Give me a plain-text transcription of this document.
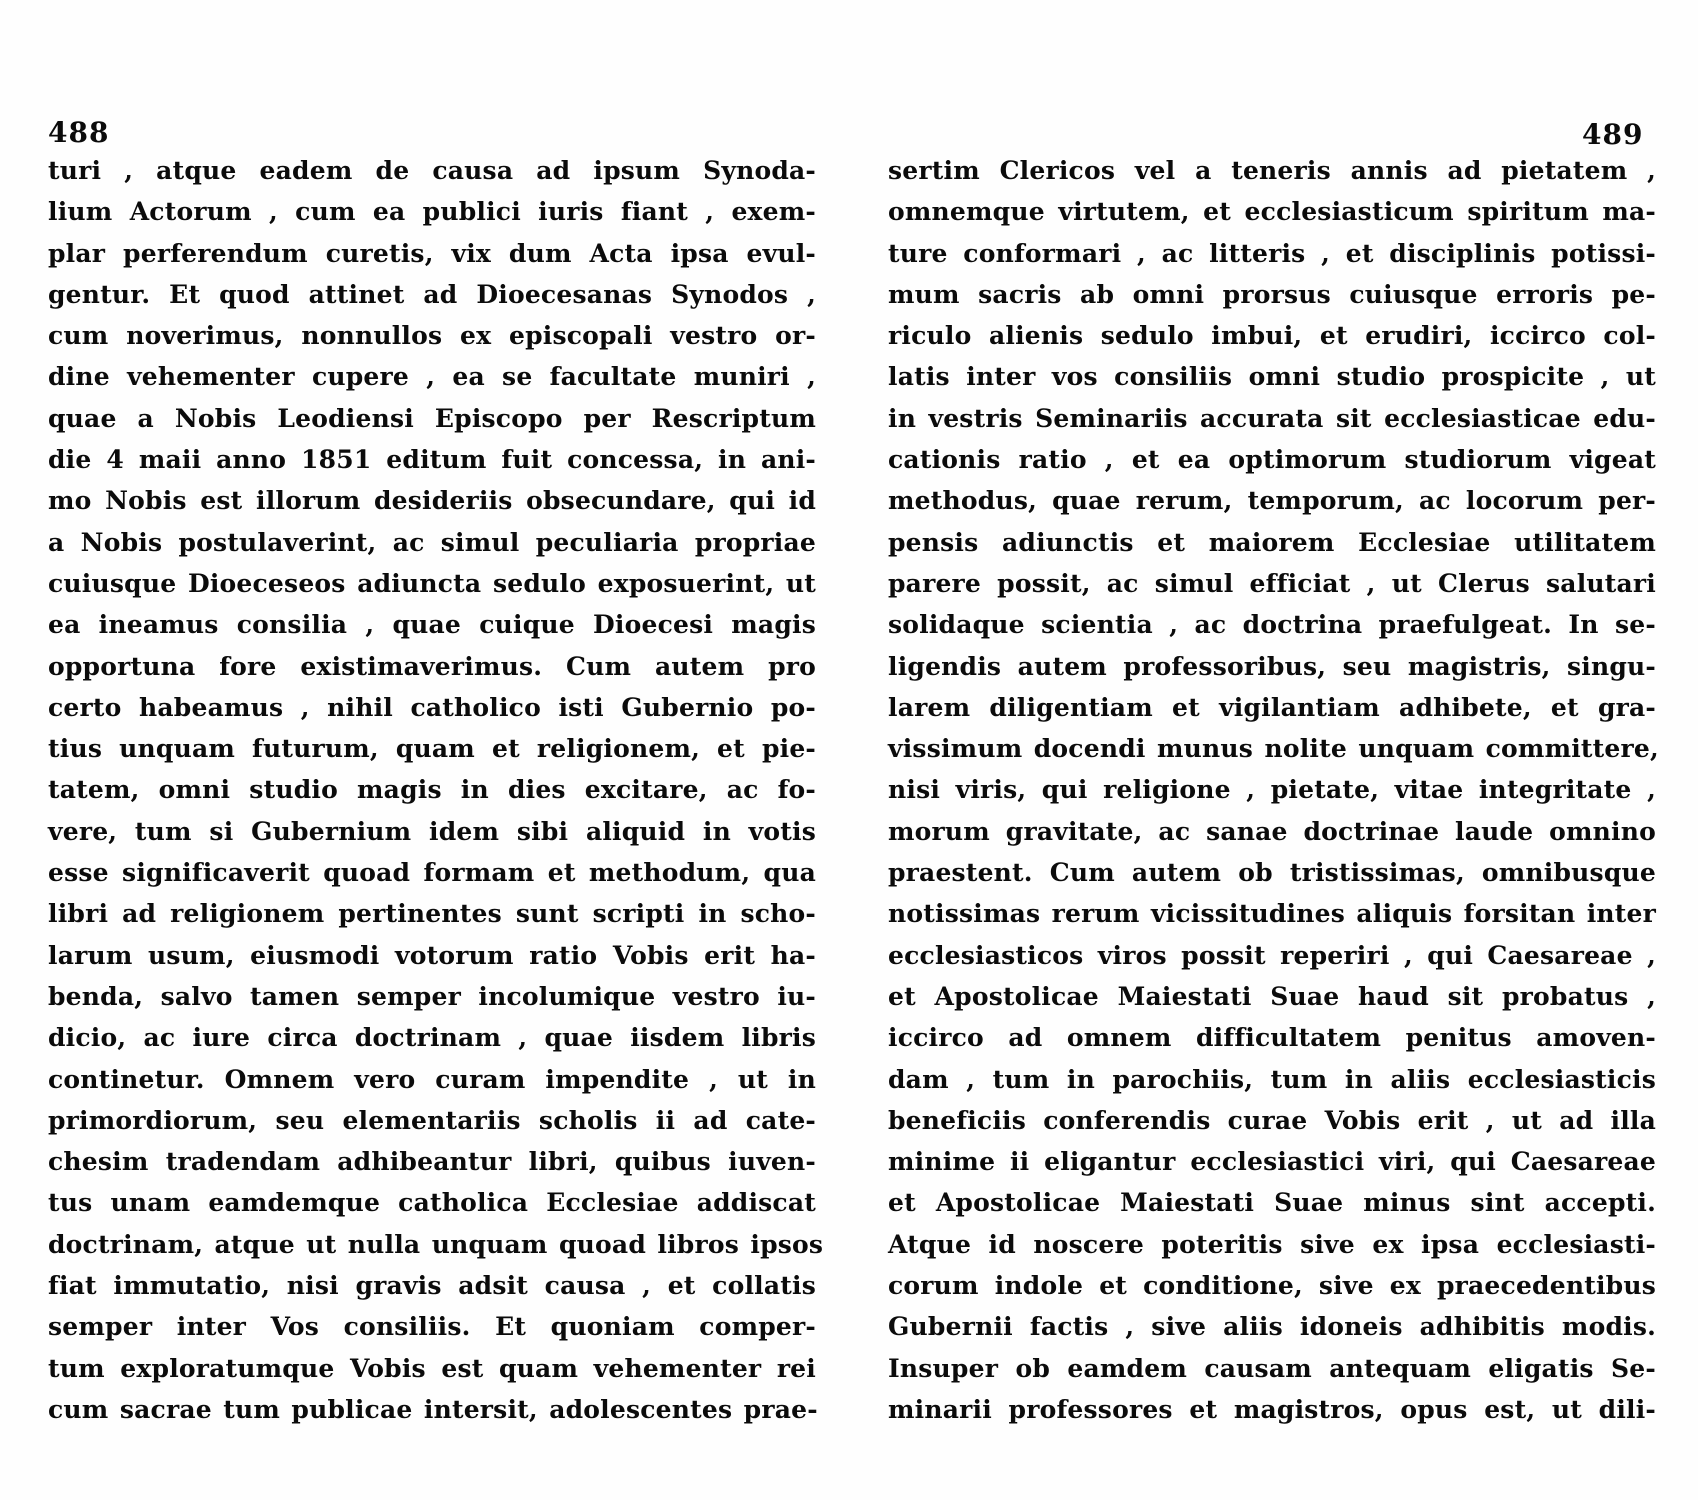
488	489
turi , atque eadem de causa ad ipsum Synoda-
lium Actorum , cum ea publici iuris fiant , exem-
plar perferendum curetis, vix dum Acta ipsa evul-
gentur. Et quod attinet ad Dioecesanas Synodos ,
cum noverimus, nonnullos ex episcopali vestro or-
dine vehementer cupere , ea se facultate muniri ,
quae a Nobis Leodiensi Episcopo per Rescriptum
die 4 maii anno 1851 editum fuit concessa, in ani-
mo Nobis est illorum desideriis obsecundare, qui id
a Nobis postulaverint, ac simul peculiaria propriae
cuiusque Dioeceseos adiuncta sedulo exposuerint, ut
ea ineamus consilia , quae cuique Dioecesi magis
opportuna fore existimaverimus. Cum autem pro
certo habeamus , nihil catholico isti Gubernio po-
tius unquam futurum, quam et religionem, et pie-
tatem, omni studio magis in dies excitare, ac fo-
vere, tum si Gubernium idem sibi aliquid in votis
esse significaverit quoad formam et methodum, qua
libri ad religionem pertinentes sunt scripti in scho-
larum usum, eiusmodi votorum ratio Vobis erit ha-
benda, salvo tamen semper incolumique vestro iu-
dicio, ac iure circa doctrinam , quae iisdem libris
continetur. Omnem vero curam impendite , ut in
primordiorum, seu elementariis scholis ii ad cate-
chesim tradendam adhibeantur libri, quibus iuven-
tus unam eamdemque catholica Ecclesiae addiscat
doctrinam, atque ut nulla unquam quoad libros ipsos
fiat immutatio, nisi gravis adsit causa , et collatis
semper inter Vos consiliis. Et quoniam comper-
tum exploratumque Vobis est quam vehementer rei
cum sacrae tum publicae intersit, adolescentes prae-
sertim Clericos vel a teneris annis ad pietatem ,
omnemque virtutem, et ecclesiasticum spiritum ma-
ture conformari , ac litteris , et disciplinis potissi-
mum sacris ab omni prorsus cuiusque erroris pe-
riculo alienis sedulo imbui, et erudiri, iccirco col-
latis inter vos consiliis omni studio prospicite , ut
in vestris Seminariis accurata sit ecclesiasticae edu-
cationis ratio , et ea optimorum studiorum vigeat
methodus, quae rerum, temporum, ac locorum per-
pensis adiunctis et maiorem Ecclesiae utilitatem
parere possit, ac simul efficiat , ut Clerus salutari
solidaque scientia , ac doctrina praefulgeat. In se-
ligendis autem professoribus, seu magistris, singu-
larem diligentiam et vigilantiam adhibete, et gra-
vissimum docendi munus nolite unquam committere,
nisi viris, qui religione , pietate, vitae integritate ,
morum gravitate, ac sanae doctrinae laude omnino
praestent. Cum autem ob tristissimas, omnibusque
notissimas rerum vicissitudines aliquis forsitan inter
ecclesiasticos viros possit reperiri , qui Caesareae ,
et Apostolicae Maiestati Suae haud sit probatus ,
iccirco ad omnem difficultatem penitus amoven-
dam , tum in parochiis, tum in aliis ecclesiasticis
beneficiis conferendis curae Vobis erit , ut ad illa
minime ii eligantur ecclesiastici viri, qui Caesareae
et Apostolicae Maiestati Suae minus sint accepti.
Atque id noscere poteritis sive ex ipsa ecclesiasti-
corum indole et conditione, sive ex praecedentibus
Gubernii factis , sive aliis idoneis adhibitis modis.
Insuper ob eamdem causam antequam eligatis Se-
minarii professores et magistros, opus est, ut dili-
